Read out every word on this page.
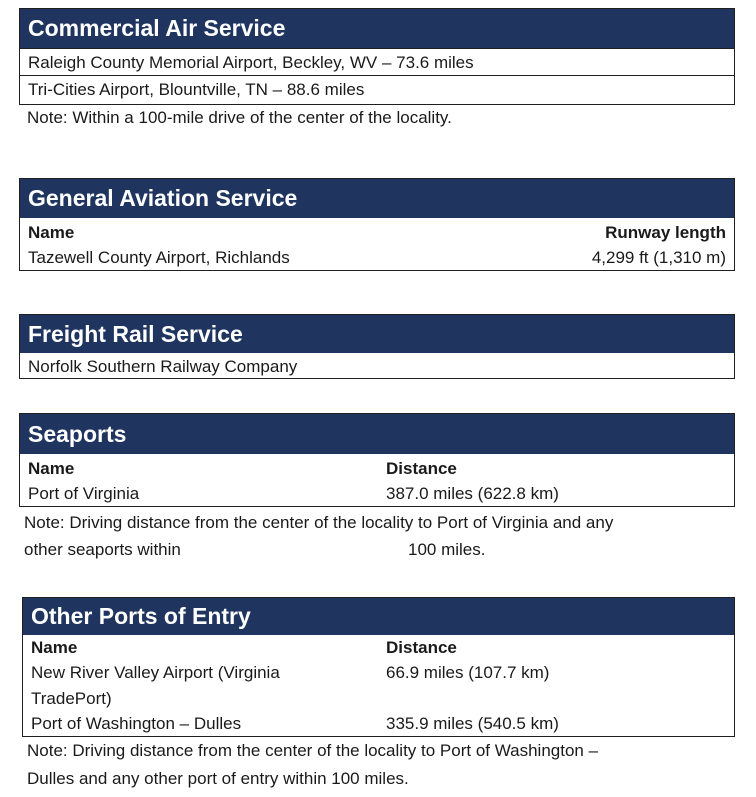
Commercial Air Service
Raleigh County Memorial Airport, Beckley, WV – 73.6 miles
Tri-Cities Airport, Blountville, TN – 88.6 miles
Note: Within a 100-mile drive of the center of the locality.
General Aviation Service
Name	Runway length
Tazewell County Airport, Richlands	4,299 ft (1,310 m)
Freight Rail Service
Norfolk Southern Railway Company
Seaports
Name	Distance
Port of Virginia	387.0 miles (622.8 km)
Note: Driving distance from the center of the locality to Port of Virginia and any
other seaports within	100 miles.
Other Ports of Entry
Name	Distance
New River Valley Airport (Virginia	66.9 miles (107.7 km)
TradePort)
Port of Washington – Dulles	335.9 miles (540.5 km)
Note: Driving distance from the center of the locality to Port of Washington –
Dulles and any other port of entry within 100 miles.
